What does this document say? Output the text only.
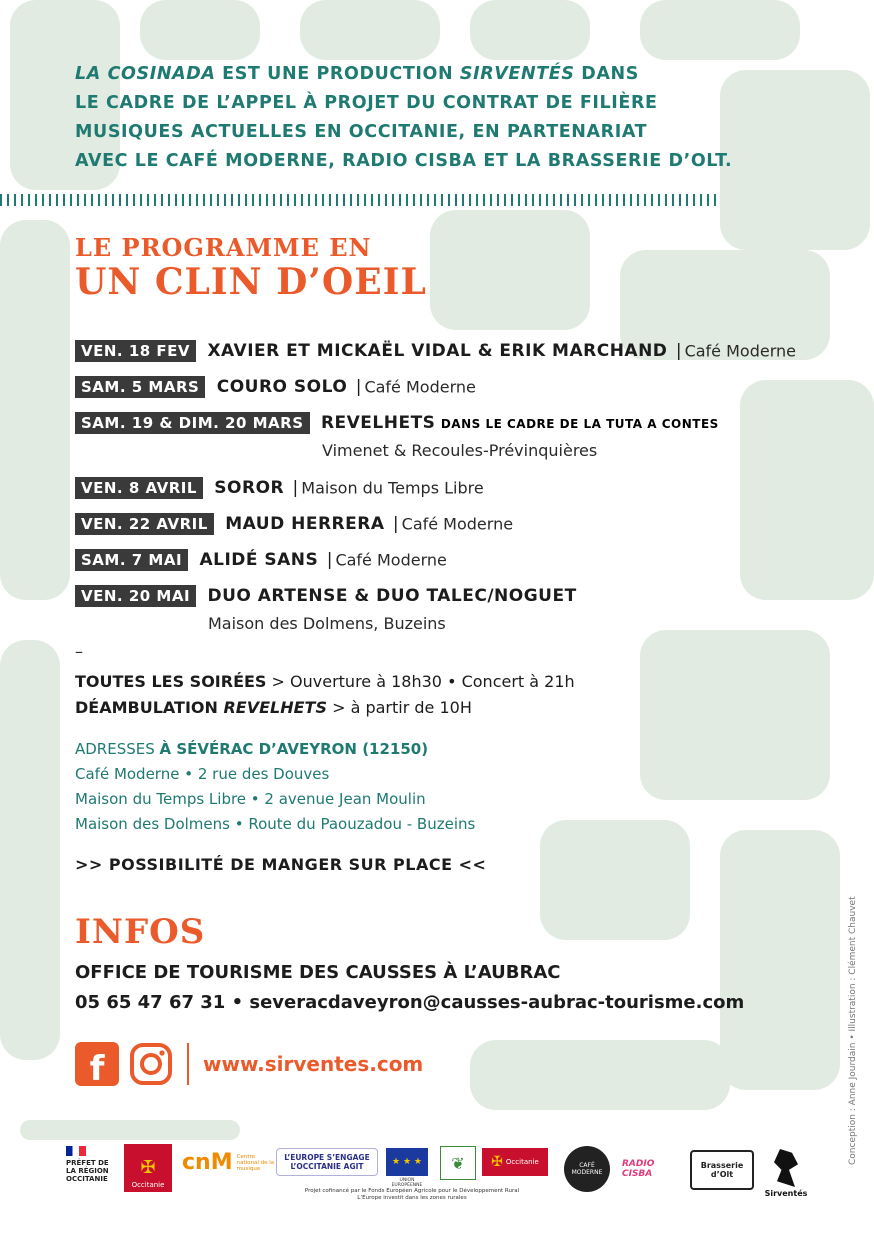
LA COSINADA EST UNE PRODUCTION SIRVENTÉS DANS
LE CADRE DE L’APPEL À PROJET DU CONTRAT DE FILIÈRE
MUSIQUES ACTUELLES EN OCCITANIE, EN PARTENARIAT
AVEC LE CAFÉ MODERNE, RADIO CISBA ET LA BRASSERIE D’OLT.
LE PROGRAMME EN
UN CLIN D’OEIL
VEN. 18 FEV XAVIER ET MICKAËL VIDAL & ERIK MARCHAND | Café Moderne
SAM. 5 MARS COURO SOLO | Café Moderne
SAM. 19 & DIM. 20 MARS REVELHETS DANS LE CADRE DE LA TUTA A CONTES
Vimenet & Recoules-Prévinquières
VEN. 8 AVRIL SOROR | Maison du Temps Libre
VEN. 22 AVRIL MAUD HERRERA | Café Moderne
SAM. 7 MAI ALIDÉ SANS | Café Moderne
VEN. 20 MAI DUO ARTENSE & DUO TALEC/NOGUET
Maison des Dolmens, Buzeins
–
TOUTES LES SOIRÉES > Ouverture à 18h30 • Concert à 21h
DÉAMBULATION REVELHETS > à partir de 10H
ADRESSES À SÉVÉRAC D’AVEYRON (12150)
Café Moderne • 2 rue des Douves
Maison du Temps Libre • 2 avenue Jean Moulin
Maison des Dolmens • Route du Paouzadou - Buzeins
>> POSSIBILITÉ DE MANGER SUR PLACE <<
INFOS
OFFICE DE TOURISME DES CAUSSES À L’AUBRAC
05 65 47 67 31 • severacdaveyron@causses-aubrac-tourisme.com
f	www.sirventes.com	Conception : Anne Jourdain • Illustration : Clément Chauvet
PRÉFET DE LA RÉGION OCCITANIE
✠
Occitanie
cnM Centre national de la musique
L’EUROPE S’ENGAGE
L’OCCITANIE AGIT	★ ★ ★
UNION EUROPÉENNE
❦	✠ Occitanie
Projet cofinancé par le Fonds Européen Agricole pour le Développement Rural
L’Europe investit dans les zones rurales
CAFÉ MODERNE
RADIO CISBA
Brasserie d’Olt
Sirventés
